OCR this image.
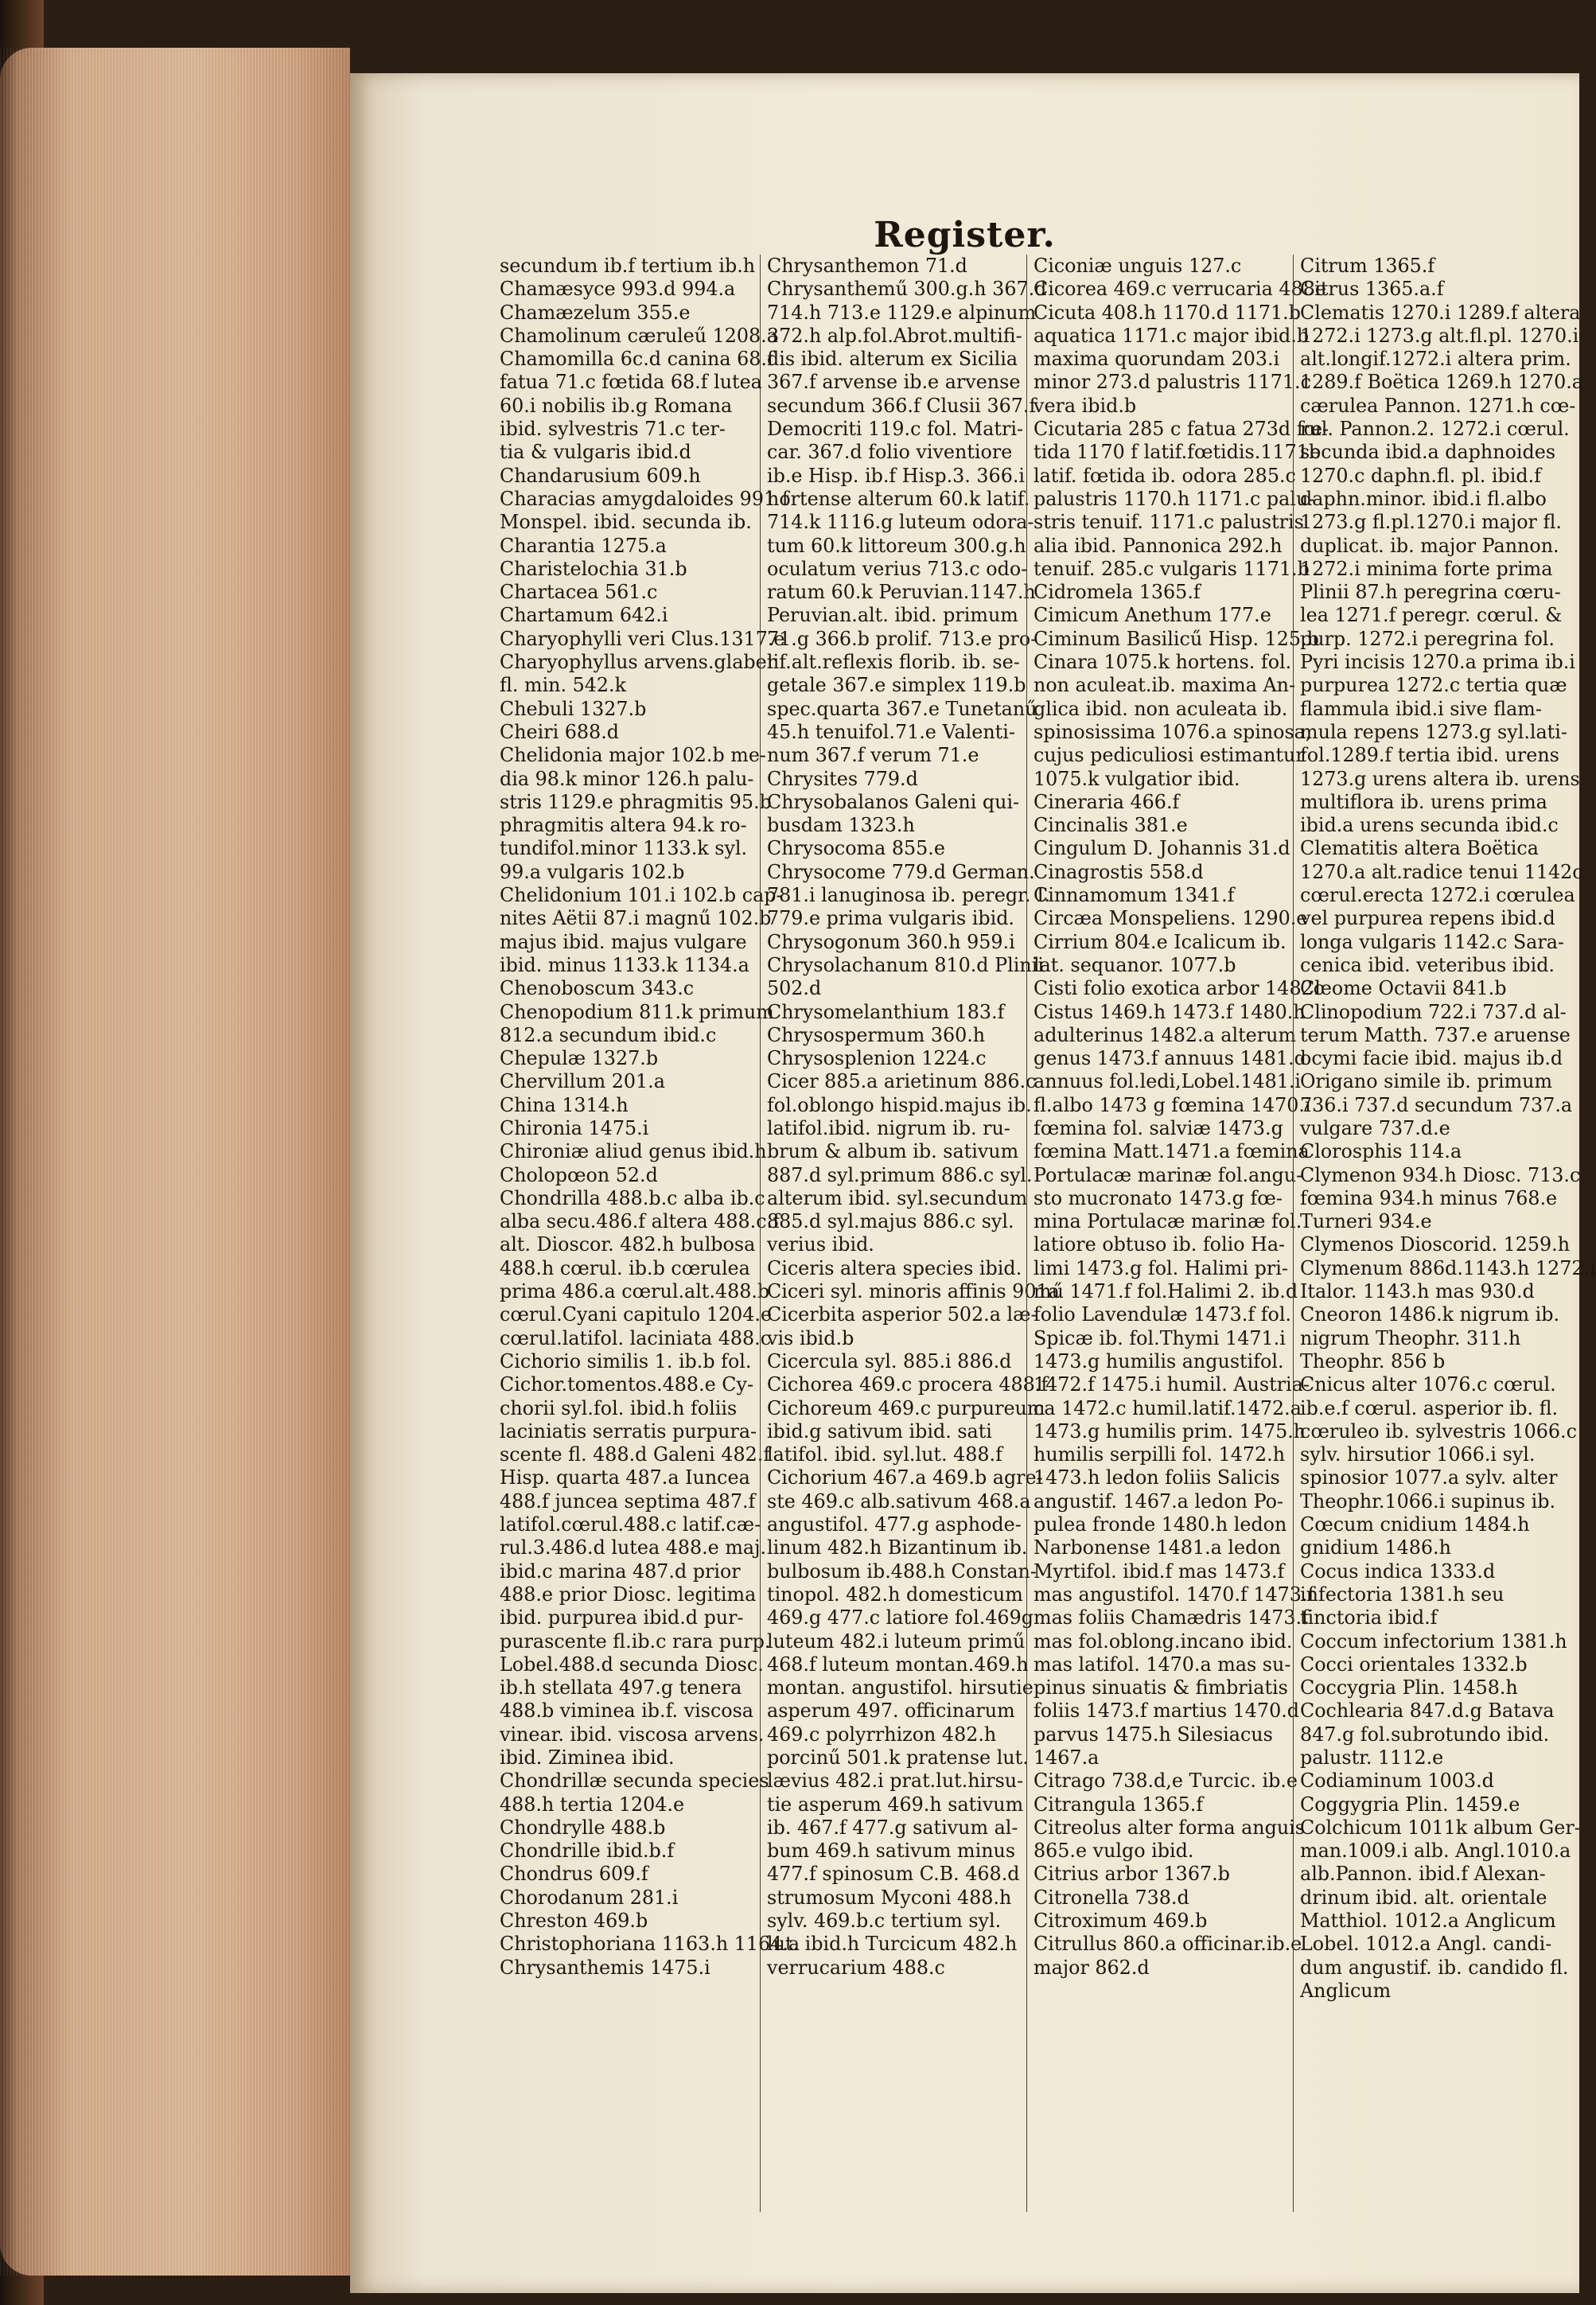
Register.
secundum ib.f tertium ib.h
Chamæsyce 993.d 994.a
Chamæzelum 355.e
Chamolinum cæruleű 1208.a
Chamomilla 6c.d canina 68.f
fatua 71.c fœtida 68.f lutea
60.i nobilis ib.g Romana
ibid. sylvestris 71.c ter-
tia & vulgaris ibid.d
Chandarusium 609.h
Characias amygdaloides 991 f
Monspel. ibid. secunda ib.
Charantia 1275.a
Charistelochia 31.b
Chartacea 561.c
Chartamum 642.i
Charyophylli veri Clus.1317.e
Charyophyllus arvens.glaber
fl. min. 542.k
Chebuli 1327.b
Cheiri 688.d
Chelidonia major 102.b me-
dia 98.k minor 126.h palu-
stris 1129.e phragmitis 95.b
phragmitis altera 94.k ro-
tundifol.minor 1133.k syl.
99.a vulgaris 102.b
Chelidonium 101.i 102.b cap-
nites Aëtii 87.i magnű 102.b
majus ibid. majus vulgare
ibid. minus 1133.k 1134.a
Chenoboscum 343.c
Chenopodium 811.k primum
812.a secundum ibid.c
Chepulæ 1327.b
Chervillum 201.a
China 1314.h
Chironia 1475.i
Chironiæ aliud genus ibid.h
Cholopœon 52.d
Chondrilla 488.b.c alba ib.c
alba secu.486.f altera 488.c.f
alt. Dioscor. 482.h bulbosa
488.h cœrul. ib.b cœrulea
prima 486.a cœrul.alt.488.b
cœrul.Cyani capitulo 1204.e
cœrul.latifol. laciniata 488.c
Cichorio similis 1. ib.b fol.
Cichor.tomentos.488.e Cy-
chorii syl.fol. ibid.h foliis
laciniatis serratis purpura-
scente fl. 488.d Galeni 482.f
Hisp. quarta 487.a Iuncea
488.f juncea septima 487.f
latifol.cœrul.488.c latif.cæ-
rul.3.486.d lutea 488.e maj.
ibid.c marina 487.d prior
488.e prior Diosc. legitima
ibid. purpurea ibid.d pur-
purascente fl.ib.c rara purp.
Lobel.488.d secunda Diosc.
ib.h stellata 497.g tenera
488.b viminea ib.f. viscosa
vinear. ibid. viscosa arvens.
ibid. Ziminea ibid.
Chondrillæ secunda species
488.h tertia 1204.e
Chondrylle 488.b
Chondrille ibid.b.f
Chondrus 609.f
Chorodanum 281.i
Chreston 469.b
Christophoriana 1163.h 1164.a
Chrysanthemis 1475.i
Chrysanthemon 71.d
Chrysanthemű 300.g.h 367.d
714.h 713.e 1129.e alpinum
372.h alp.fol.Abrot.multifi-
dis ibid. alterum ex Sicilia
367.f arvense ib.e arvense
secundum 366.f Clusii 367.f
Democriti 119.c fol. Matri-
car. 367.d folio viventiore
ib.e Hisp. ib.f Hisp.3. 366.i
hortense alterum 60.k latif.
714.k 1116.g luteum odora-
tum 60.k littoreum 300.g.h
oculatum verius 713.c odo-
ratum 60.k Peruvian.1147.h
Peruvian.alt. ibid. primum
71.g 366.b prolif. 713.e pro-
lif.alt.reflexis florib. ib. se-
getale 367.e simplex 119.b
spec.quarta 367.e Tunetanű
45.h tenuifol.71.e Valenti-
num 367.f verum 71.e
Chrysites 779.d
Chrysobalanos Galeni qui-
busdam 1323.h
Chrysocoma 855.e
Chrysocome 779.d German.
781.i lanuginosa ib. peregr. I.
779.e prima vulgaris ibid.
Chrysogonum 360.h 959.i
Chrysolachanum 810.d Plinii
502.d
Chrysomelanthium 183.f
Chrysospermum 360.h
Chrysosplenion 1224.c
Cicer 885.a arietinum 886.c
fol.oblongo hispid.majus ib.
latifol.ibid. nigrum ib. ru-
brum & album ib. sativum
887.d syl.primum 886.c syl.
alterum ibid. syl.secundum
885.d syl.majus 886.c syl.
verius ibid.
Ciceris altera species ibid.
Ciceri syl. minoris affinis 901a
Cicerbita asperior 502.a læ-
vis ibid.b
Cicercula syl. 885.i 886.d
Cichorea 469.c procera 488.f
Cichoreum 469.c purpureum
ibid.g sativum ibid. sati
latifol. ibid. syl.lut. 488.f
Cichorium 467.a 469.b agre-
ste 469.c alb.sativum 468.a
angustifol. 477.g asphode-
linum 482.h Bizantinum ib.
bulbosum ib.488.h Constan-
tinopol. 482.h domesticum
469.g 477.c latiore fol.469g
luteum 482.i luteum primű
468.f luteum montan.469.h
montan. angustifol. hirsutie
asperum 497. officinarum
469.c polyrrhizon 482.h
porcinű 501.k pratense lut.
lævius 482.i prat.lut.hirsu-
tie asperum 469.h sativum
ib. 467.f 477.g sativum al-
bum 469.h sativum minus
477.f spinosum C.B. 468.d
strumosum Myconi 488.h
sylv. 469.b.c tertium syl.
lut. ibid.h Turcicum 482.h
verrucarium 488.c
Ciconiæ unguis 127.c
Cicorea 469.c verrucaria 488e
Cicuta 408.h 1170.d 1171.b
aquatica 1171.c major ibid.b
maxima quorundam 203.i
minor 273.d palustris 1171.c
vera ibid.b
Cicutaria 285 c fatua 273d fœ-
tida 1170 f latif.fœtidis.1171b
latif. fœtida ib. odora 285.c
palustris 1170.h 1171.c palu-
stris tenuif. 1171.c palustris
alia ibid. Pannonica 292.h
tenuif. 285.c vulgaris 1171.b
Cidromela 1365.f
Cimicum Anethum 177.e
Ciminum Basilicű Hisp. 125.b
Cinara 1075.k hortens. fol.
non aculeat.ib. maxima An-
glica ibid. non aculeata ib.
spinosissima 1076.a spinosa,
cujus pediculiosi estimantur
1075.k vulgatior ibid.
Cineraria 466.f
Cincinalis 381.e
Cingulum D. Johannis 31.d
Cinagrostis 558.d
Cinnamomum 1341.f
Circæa Monspeliens. 1290.e
Cirrium 804.e Icalicum ib.
lat. sequanor. 1077.b
Cisti folio exotica arbor 1482c
Cistus 1469.h 1473.f 1480.h
adulterinus 1482.a alterum
genus 1473.f annuus 1481.d
annuus fol.ledi,Lobel.1481.i
fl.albo 1473 g fœmina 1470.i
fœmina fol. salviæ 1473.g
fœmina Matt.1471.a fœmina
Portulacæ marinæ fol.angu-
sto mucronato 1473.g fœ-
mina Portulacæ marinæ fol.
latiore obtuso ib. folio Ha-
limi 1473.g fol. Halimi pri-
mű 1471.f fol.Halimi 2. ib.d
folio Lavendulæ 1473.f fol.
Spicæ ib. fol.Thymi 1471.i
1473.g humilis angustifol.
1472.f 1475.i humil. Austria-
ca 1472.c humil.latif.1472.a
1473.g humilis prim. 1475.h
humilis serpilli fol. 1472.h
1473.h ledon foliis Salicis
angustif. 1467.a ledon Po-
pulea fronde 1480.h ledon
Narbonense 1481.a ledon
Myrtifol. ibid.f mas 1473.f
mas angustifol. 1470.f 1473.f
mas foliis Chamædris 1473.f
mas fol.oblong.incano ibid.
mas latifol. 1470.a mas su-
pinus sinuatis & fimbriatis
foliis 1473.f martius 1470.d
parvus 1475.h Silesiacus
1467.a
Citrago 738.d,e Turcic. ib.e
Citrangula 1365.f
Citreolus alter forma anguis
865.e vulgo ibid.
Citrius arbor 1367.b
Citronella 738.d
Citroximum 469.b
Citrullus 860.a officinar.ib.e
major 862.d
Citrum 1365.f
Citrus 1365.a.f
Clematis 1270.i 1289.f altera
1272.i 1273.g alt.fl.pl. 1270.i
alt.longif.1272.i altera prim.
1289.f Boëtica 1269.h 1270.a
cærulea Pannon. 1271.h cœ-
rul. Pannon.2. 1272.i cœrul.
secunda ibid.a daphnoides
1270.c daphn.fl. pl. ibid.f
daphn.minor. ibid.i fl.albo
1273.g fl.pl.1270.i major fl.
duplicat. ib. major Pannon.
1272.i minima forte prima
Plinii 87.h peregrina cœru-
lea 1271.f peregr. cœrul. &
purp. 1272.i peregrina fol.
Pyri incisis 1270.a prima ib.i
purpurea 1272.c tertia quæ
flammula ibid.i sive flam-
mula repens 1273.g syl.lati-
fol.1289.f tertia ibid. urens
1273.g urens altera ib. urens
multiflora ib. urens prima
ibid.a urens secunda ibid.c
Clematitis altera Boëtica
1270.a alt.radice tenui 1142c
cœrul.erecta 1272.i cœrulea
vel purpurea repens ibid.d
longa vulgaris 1142.c Sara-
cenica ibid. veteribus ibid.
Cleome Octavii 841.b
Clinopodium 722.i 737.d al-
terum Matth. 737.e aruense
ocymi facie ibid. majus ib.d
Origano simile ib. primum
736.i 737.d secundum 737.a
vulgare 737.d.e
Clorosphis 114.a
Clymenon 934.h Diosc. 713.c
fœmina 934.h minus 768.e
Turneri 934.e
Clymenos Dioscorid. 1259.h
Clymenum 886d.1143.h 1272.i
Italor. 1143.h mas 930.d
Cneoron 1486.k nigrum ib.
nigrum Theophr. 311.h
Theophr. 856 b
Cnicus alter 1076.c cœrul.
ib.e.f cœrul. asperior ib. fl.
cœruleo ib. sylvestris 1066.c
sylv. hirsutior 1066.i syl.
spinosior 1077.a sylv. alter
Theophr.1066.i supinus ib.
Cœcum cnidium 1484.h
gnidium 1486.h
Cocus indica 1333.d
infectoria 1381.h seu
tinctoria ibid.f
Coccum infectorium 1381.h
Cocci orientales 1332.b
Coccygria Plin. 1458.h
Cochlearia 847.d.g Batava
847.g fol.subrotundo ibid.
palustr. 1112.e
Codiaminum 1003.d
Coggygria Plin. 1459.e
Colchicum 1011k album Ger-
man.1009.i alb. Angl.1010.a
alb.Pannon. ibid.f Alexan-
drinum ibid. alt. orientale
Matthiol. 1012.a Anglicum
Lobel. 1012.a Angl. candi-
dum angustif. ib. candido fl.
Anglicum
